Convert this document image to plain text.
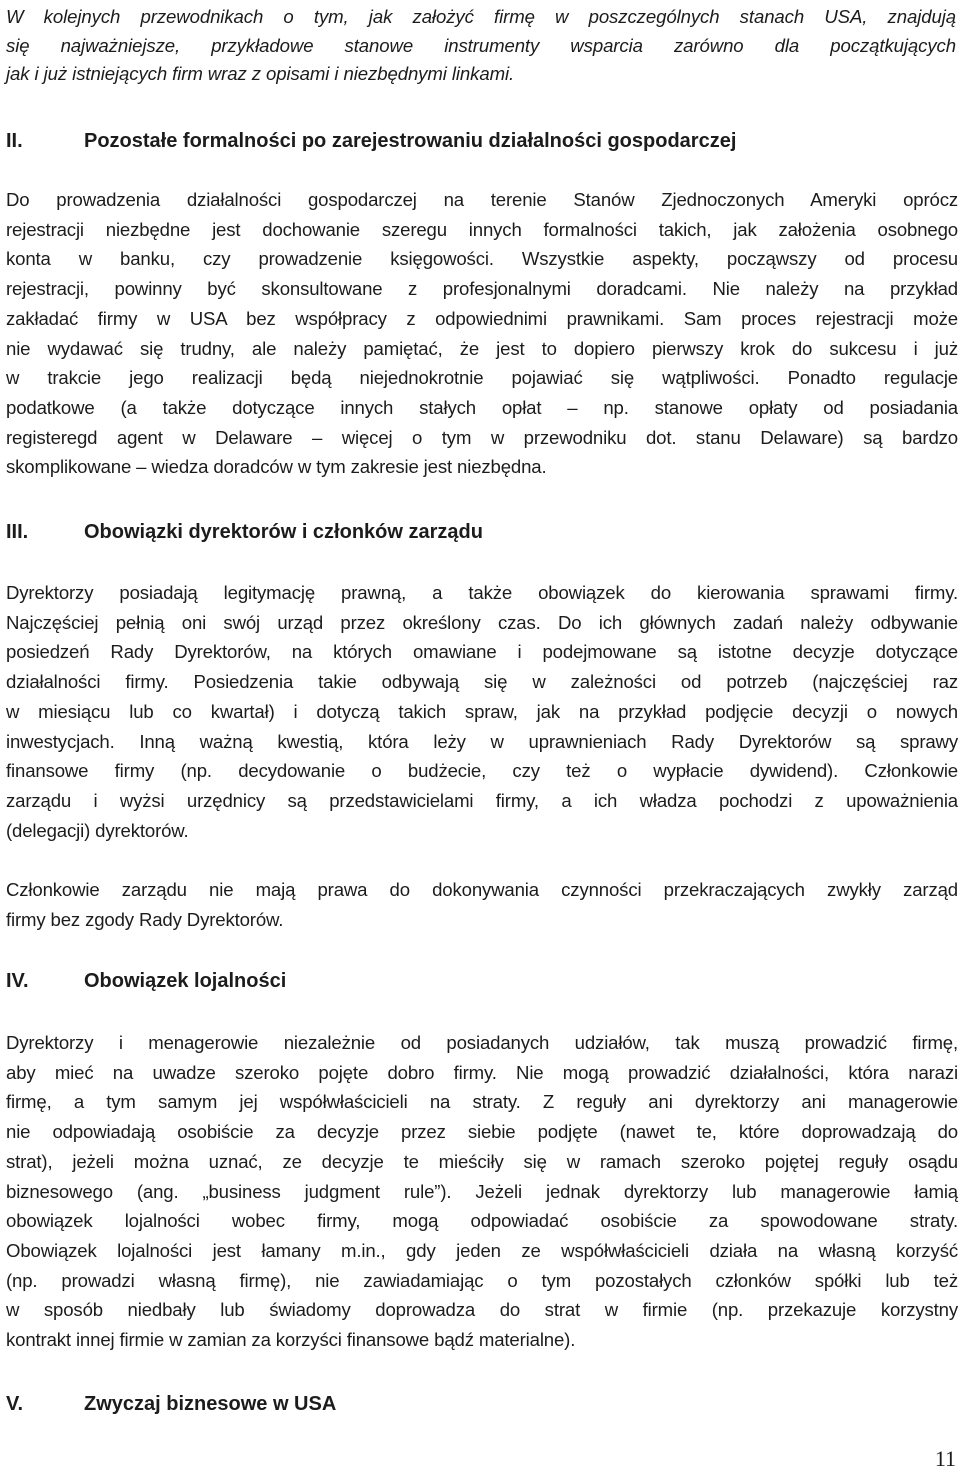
W kolejnych przewodnikach o tym, jak założyć firmę w poszczególnych stanach USA, znajdują
się najważniejsze, przykładowe stanowe instrumenty wsparcia zarówno dla początkujących
jak i już istniejących firm wraz z opisami i niezbędnymi linkami.
II.	Pozostałe formalności po zarejestrowaniu działalności gospodarczej
Do prowadzenia działalności gospodarczej na terenie Stanów Zjednoczonych Ameryki oprócz
rejestracji niezbędne jest dochowanie szeregu innych formalności takich, jak założenia osobnego
konta w banku, czy prowadzenie księgowości. Wszystkie aspekty, począwszy od procesu
rejestracji, powinny być skonsultowane z profesjonalnymi doradcami. Nie należy na przykład
zakładać firmy w USA bez współpracy z odpowiednimi prawnikami. Sam proces rejestracji może
nie wydawać się trudny, ale należy pamiętać, że jest to dopiero pierwszy krok do sukcesu i już
w trakcie jego realizacji będą niejednokrotnie pojawiać się wątpliwości. Ponadto regulacje
podatkowe (a także dotyczące innych stałych opłat – np. stanowe opłaty od posiadania
registeregd agent w Delaware – więcej o tym w przewodniku dot. stanu Delaware) są bardzo
skomplikowane – wiedza doradców w tym zakresie jest niezbędna.
III.	Obowiązki dyrektorów i członków zarządu
Dyrektorzy posiadają legitymację prawną, a także obowiązek do kierowania sprawami firmy.
Najczęściej pełnią oni swój urząd przez określony czas. Do ich głównych zadań należy odbywanie
posiedzeń Rady Dyrektorów, na których omawiane i podejmowane są istotne decyzje dotyczące
działalności firmy. Posiedzenia takie odbywają się w zależności od potrzeb (najczęściej raz
w miesiącu lub co kwartał) i dotyczą takich spraw, jak na przykład podjęcie decyzji o nowych
inwestycjach. Inną ważną kwestią, która leży w uprawnieniach Rady Dyrektorów są sprawy
finansowe firmy (np. decydowanie o budżecie, czy też o wypłacie dywidend). Członkowie
zarządu i wyżsi urzędnicy są przedstawicielami firmy, a ich władza pochodzi z upoważnienia
(delegacji) dyrektorów.
Członkowie zarządu nie mają prawa do dokonywania czynności przekraczających zwykły zarząd
firmy bez zgody Rady Dyrektorów.
IV.	Obowiązek lojalności
Dyrektorzy i menagerowie niezależnie od posiadanych udziałów, tak muszą prowadzić firmę,
aby mieć na uwadze szeroko pojęte dobro firmy. Nie mogą prowadzić działalności, która narazi
firmę, a tym samym jej współwłaścicieli na straty. Z reguły ani dyrektorzy ani managerowie
nie odpowiadają osobiście za decyzje przez siebie podjęte (nawet te, które doprowadzają do
strat), jeżeli można uznać, ze decyzje te mieściły się w ramach szeroko pojętej reguły osądu
biznesowego (ang. „business judgment rule”). Jeżeli jednak dyrektorzy lub managerowie łamią
obowiązek lojalności wobec firmy, mogą odpowiadać osobiście za spowodowane straty.
Obowiązek lojalności jest łamany m.in., gdy jeden ze współwłaścicieli działa na własną korzyść
(np. prowadzi własną firmę), nie zawiadamiając o tym pozostałych członków spółki lub też
w sposób niedbały lub świadomy doprowadza do strat w firmie (np. przekazuje korzystny
kontrakt innej firmie w zamian za korzyści finansowe bądź materialne).
V.	Zwyczaj biznesowe w USA
11
